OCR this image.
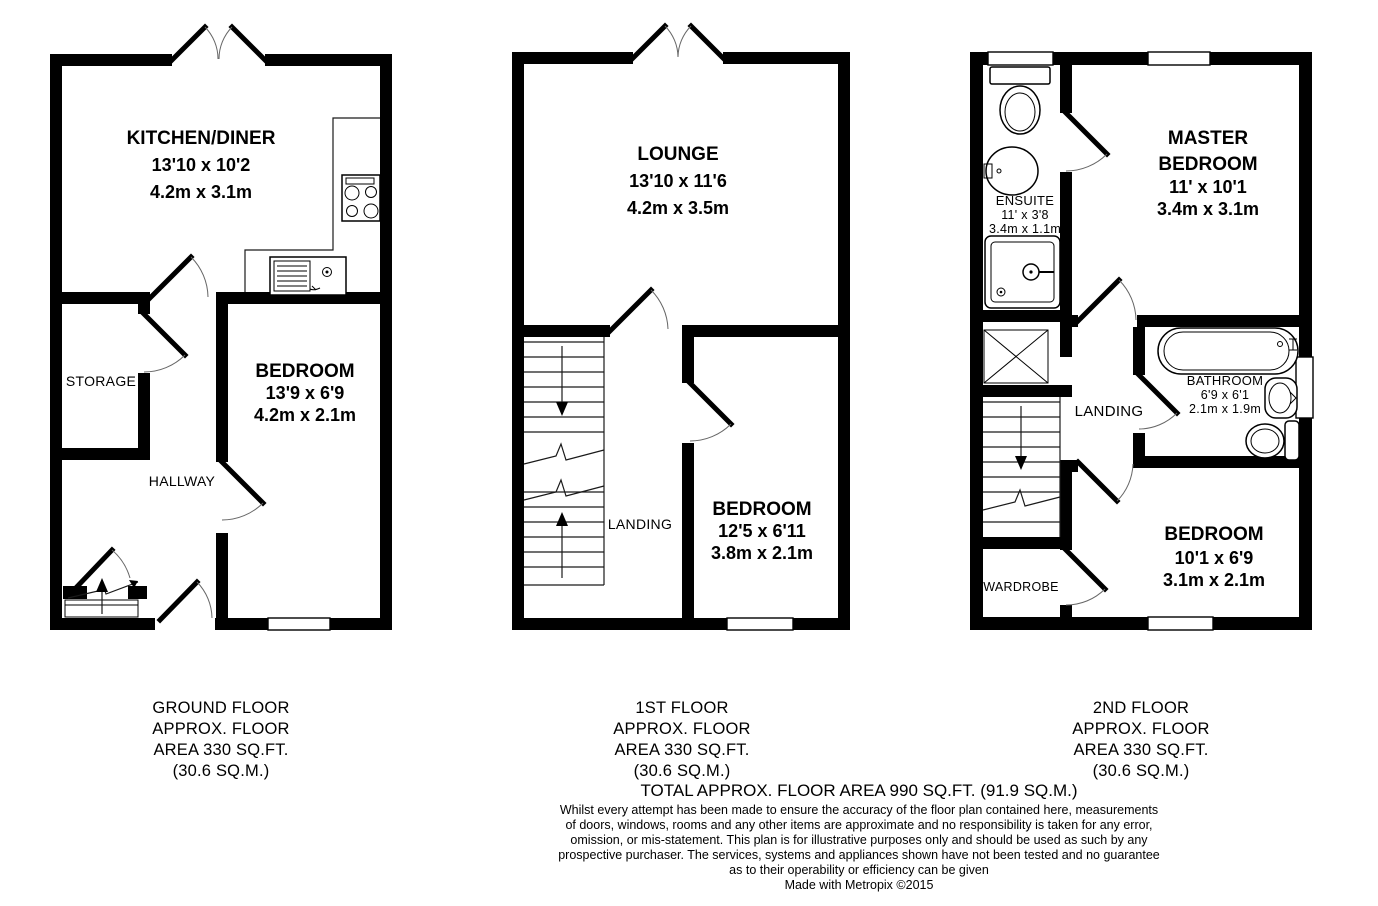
KITCHEN/DINER
13'10 x 10'2
4.2m x 3.1m
BEDROOM
13'9 x 6'9
4.2m x 2.1m
STORAGE
HALLWAY
LOUNGE
13'10 x 11'6
4.2m x 3.5m
BEDROOM
12'5 x 6'11
3.8m x 2.1m
LANDING
MASTER
BEDROOM
11' x 10'1
3.4m x 3.1m
ENSUITE
11' x 3'8
3.4m x 1.1m
BATHROOM
6'9 x 6'1
2.1m x 1.9m
LANDING
WARDROBE
BEDROOM
10'1 x 6'9
3.1m x 2.1m
GROUND FLOOR
APPROX. FLOOR
AREA 330 SQ.FT.
(30.6 SQ.M.)
1ST FLOOR
APPROX. FLOOR
AREA 330 SQ.FT.
(30.6 SQ.M.)
2ND FLOOR
APPROX. FLOOR
AREA 330 SQ.FT.
(30.6 SQ.M.)
TOTAL APPROX. FLOOR AREA 990 SQ.FT. (91.9 SQ.M.)
Whilst every attempt has been made to ensure the accuracy of the floor plan contained here, measurements
of doors, windows, rooms and any other items are approximate and no responsibility is taken for any error,
omission, or mis-statement. This plan is for illustrative purposes only and should be used as such by any
prospective purchaser. The services, systems and appliances shown have not been tested and no guarantee
as to their operability or efficiency can be given
Made with Metropix ©2015
